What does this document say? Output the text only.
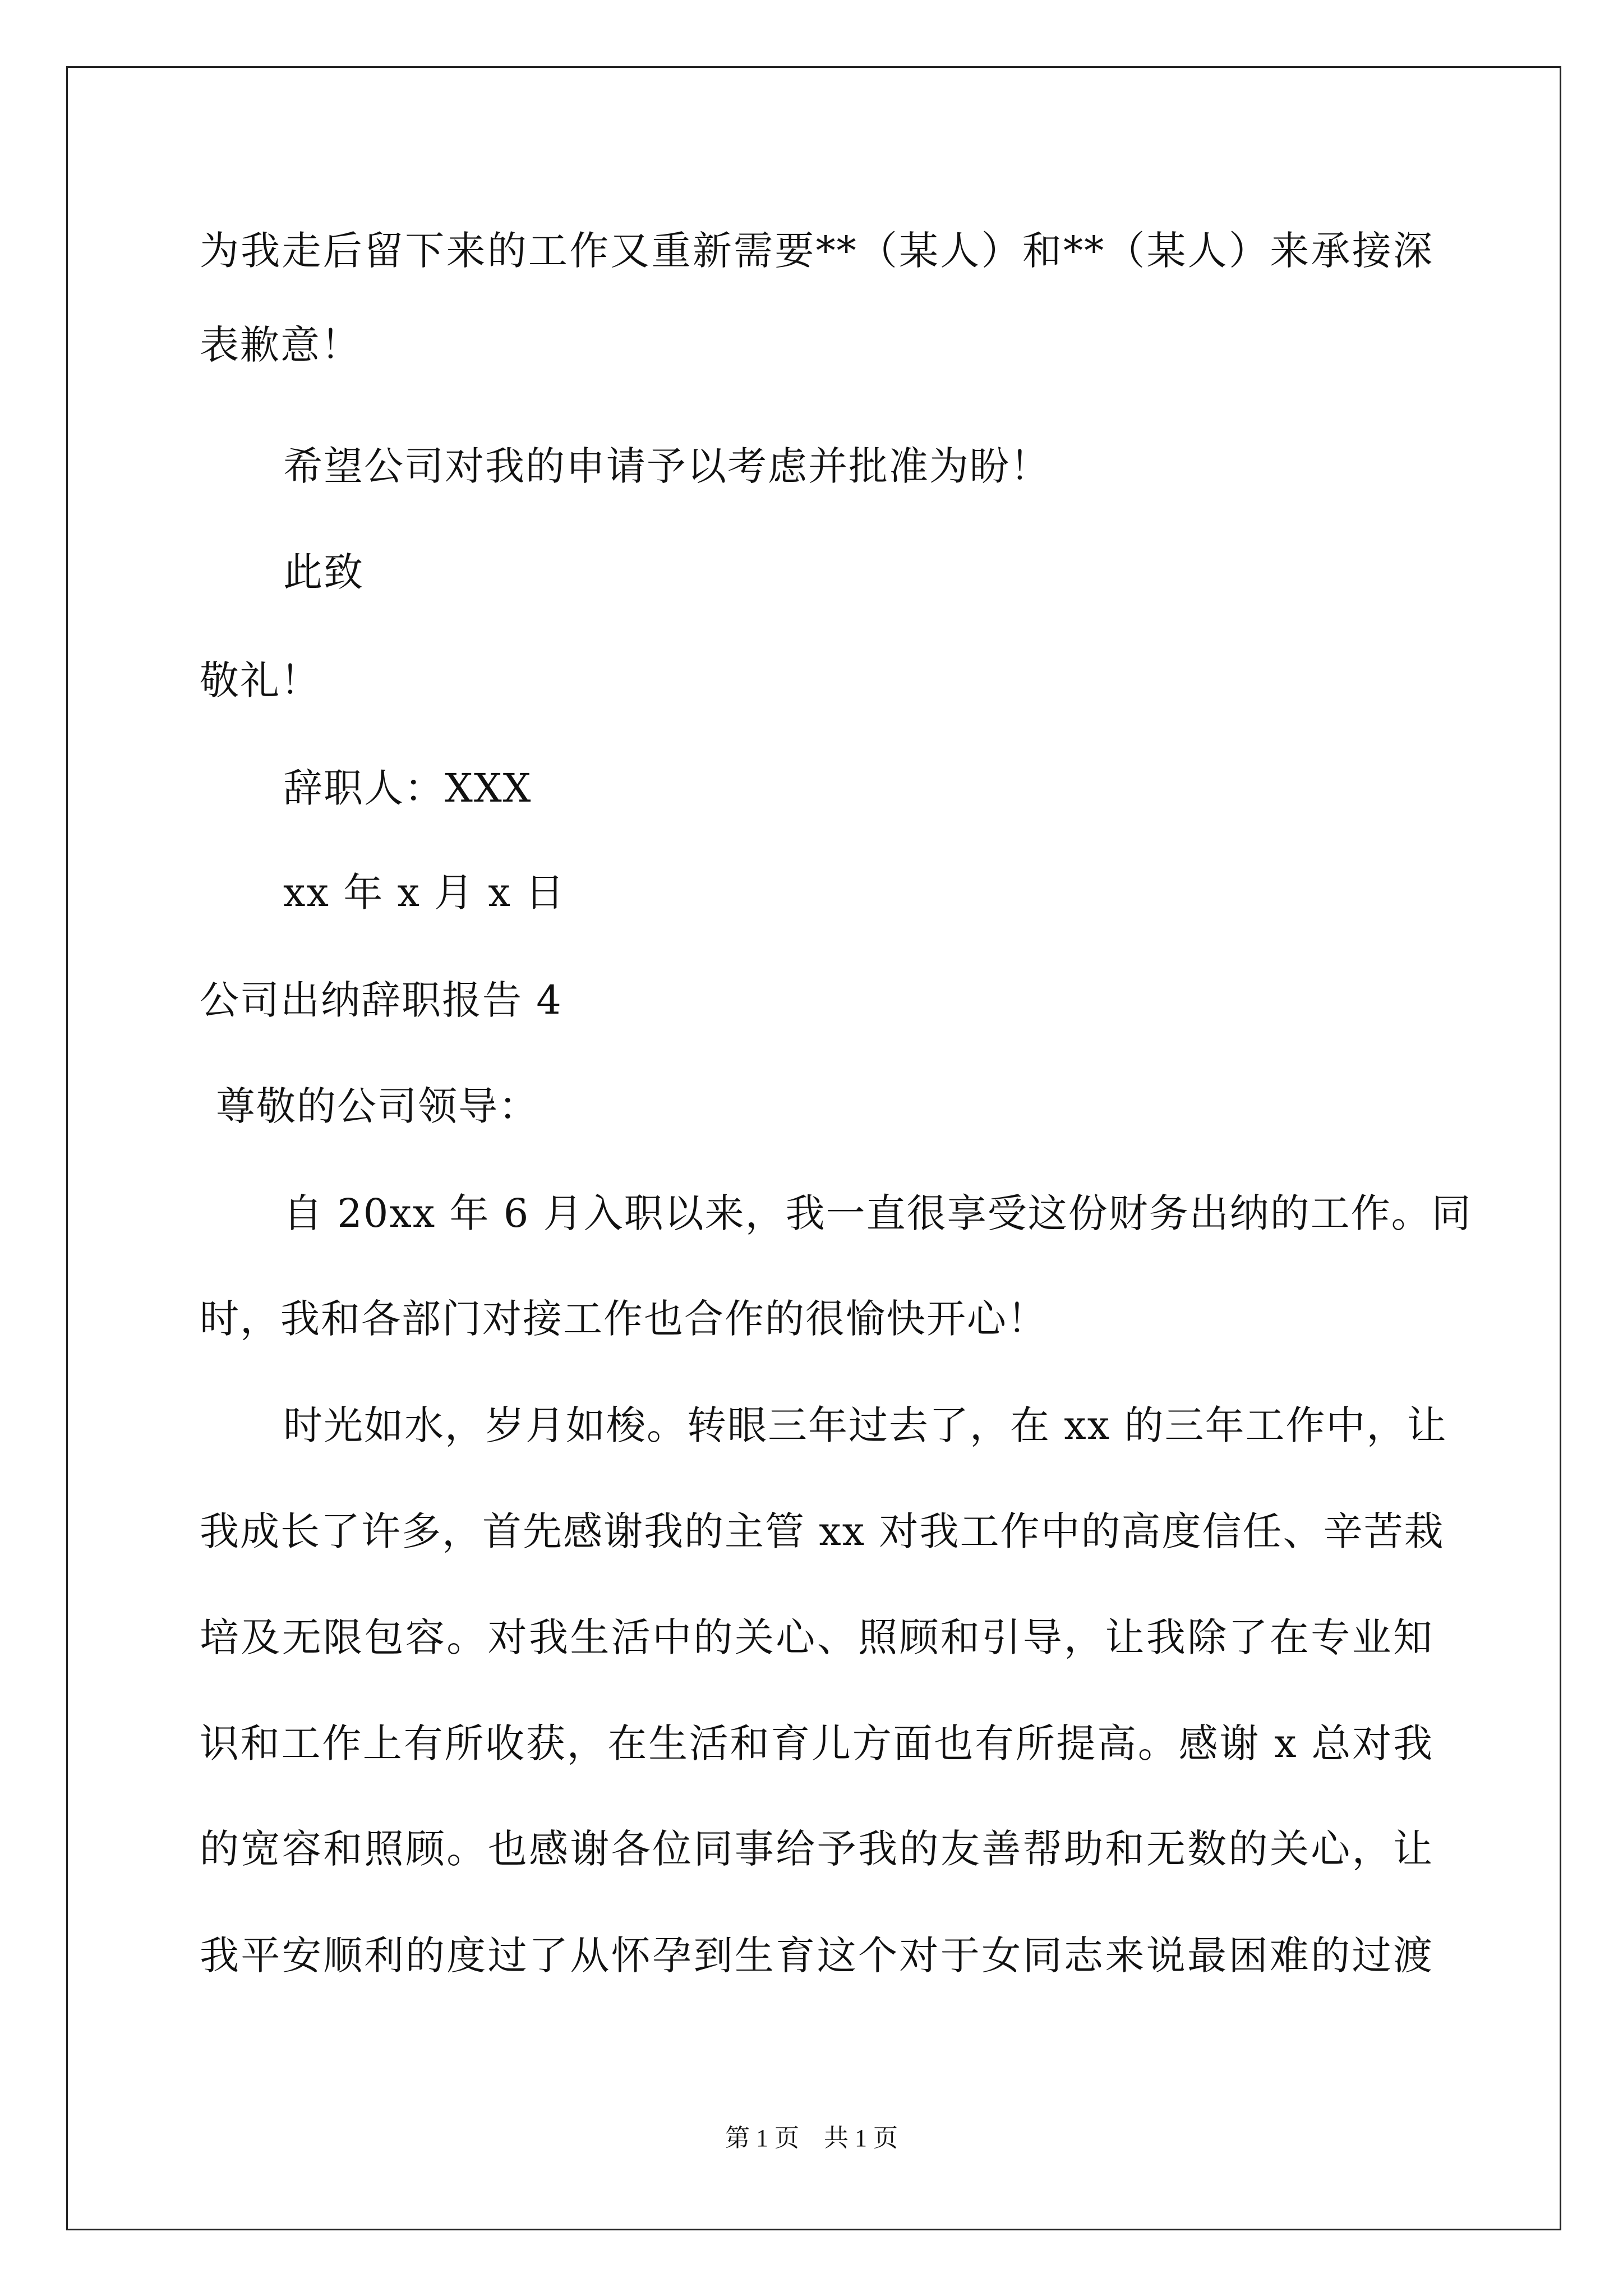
为我走后留下来的工作又重新需要**（某人）和**（某人）来承接深
表歉意！
希望公司对我的申请予以考虑并批准为盼！
此致
敬礼！
辞职人：XXX
xx 年 x 月 x 日
公司出纳辞职报告 4
尊敬的公司领导：
自 20xx 年 6 月入职以来，我一直很享受这份财务出纳的工作。同
时，我和各部门对接工作也合作的很愉快开心！
时光如水，岁月如梭。转眼三年过去了，在 xx 的三年工作中，让
我成长了许多，首先感谢我的主管 xx 对我工作中的高度信任、辛苦栽
培及无限包容。对我生活中的关心、照顾和引导，让我除了在专业知
识和工作上有所收获，在生活和育儿方面也有所提高。感谢 x 总对我
的宽容和照顾。也感谢各位同事给予我的友善帮助和无数的关心，让
我平安顺利的度过了从怀孕到生育这个对于女同志来说最困难的过渡
第 1 页　共 1 页
